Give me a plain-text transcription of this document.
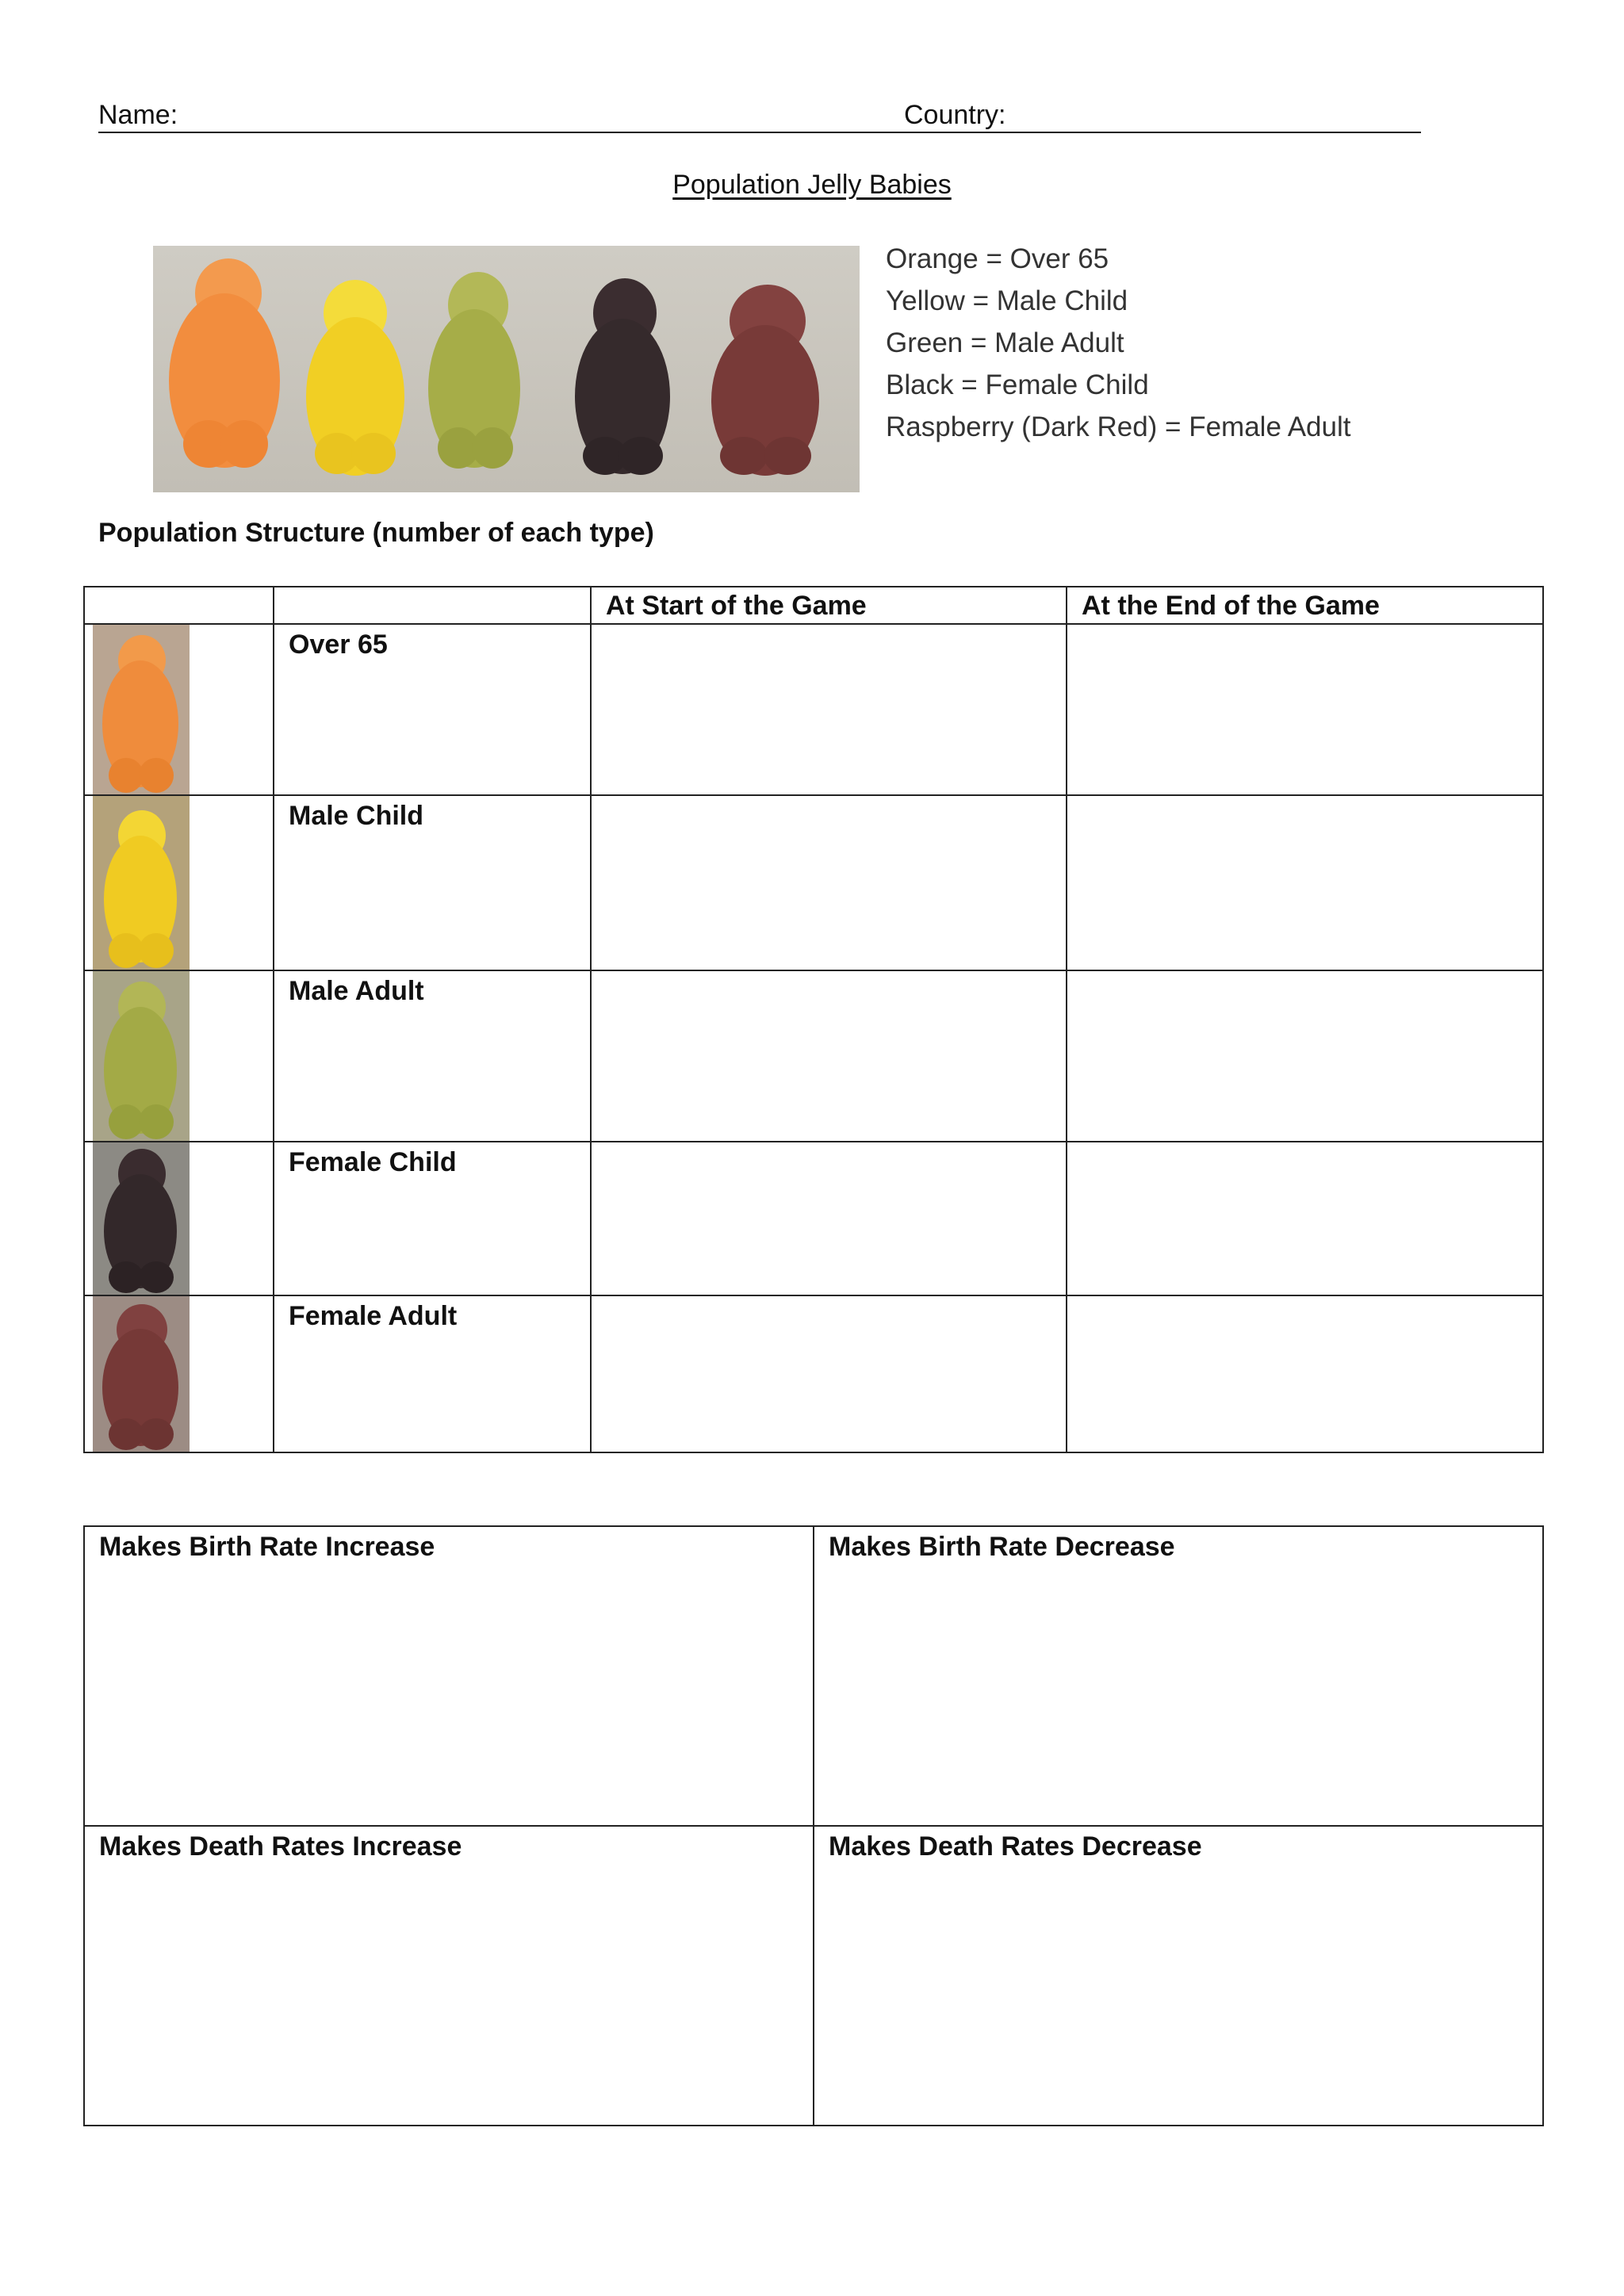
Name:	Country:
Population Jelly Babies
Orange = Over 65
Yellow = Male Child
Green = Male Adult
Black = Female Child
Raspberry (Dark Red) = Female Adult
Population Structure (number of each type)
		At Start of the Game	At the End of the Game

	Over 65		

	Male Child		

	Male Adult		

	Female Child		

	Female Adult		
Makes Birth Rate Increase	Makes Birth Rate Decrease
Makes Death Rates Increase	Makes Death Rates Decrease
